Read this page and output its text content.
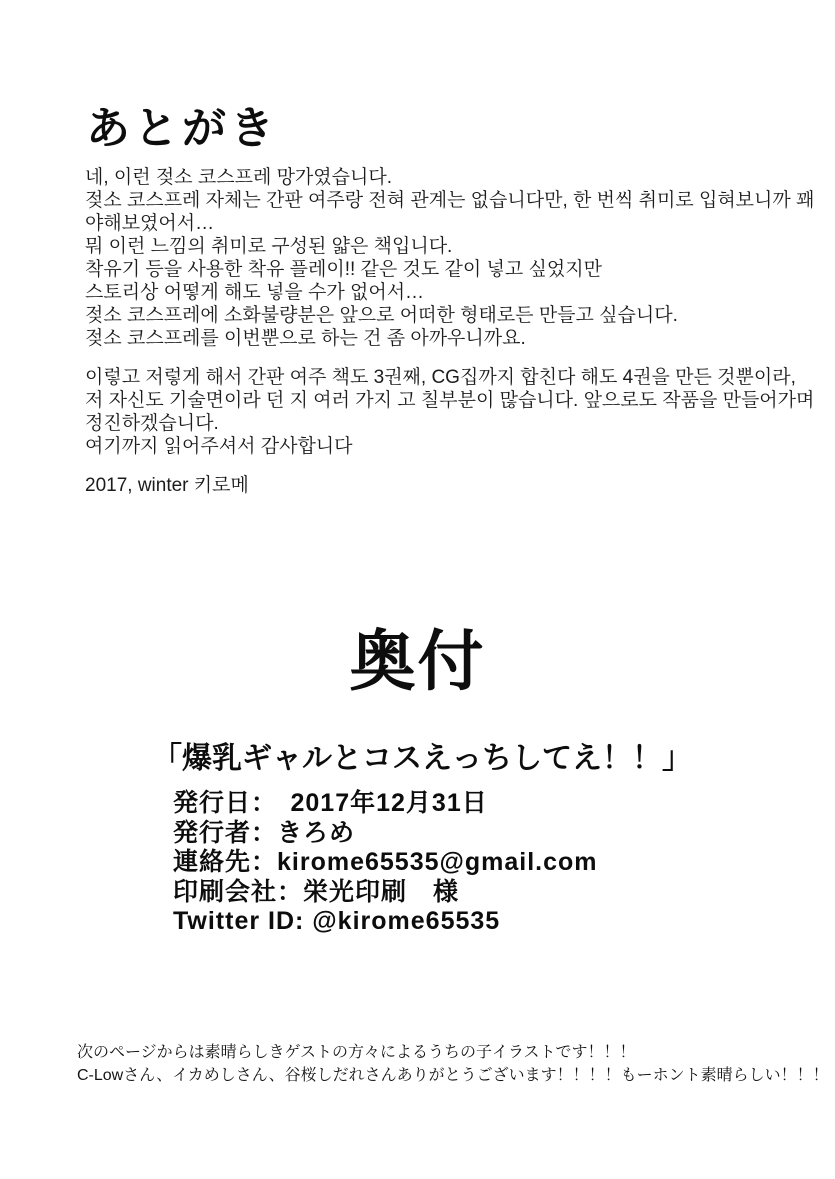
あとがき
네, 이런 젖소 코스프레 망가였습니다.
젖소 코스프레 자체는 간판 여주랑 전혀 관계는 없습니다만, 한 번씩 취미로 입혀보니까 꽤
야해보였어서…
뭐 이런 느낌의 취미로 구성된 얇은 책입니다.
착유기 등을 사용한 착유 플레이!! 같은 것도 같이 넣고 싶었지만
스토리상 어떻게 해도 넣을 수가 없어서…
젖소 코스프레에 소화불량분은 앞으로 어떠한 형태로든 만들고 싶습니다.
젖소 코스프레를 이번뿐으로 하는 건 좀 아까우니까요.
이렇고 저렇게 해서 간판 여주 책도 3권째, CG집까지 합친다 해도 4권을 만든 것뿐이라,
저 자신도 기술면이라 던 지 여러 가지 고 칠부분이 많습니다. 앞으로도 작품을 만들어가며
정진하겠습니다.
여기까지 읽어주셔서 감사합니다
2017, winter 키로메
奥付
「爆乳ギャルとコスえっちしてえ！！」
発行日：　2017年12月31日
発行者：きろめ
連絡先：kirome65535@gmail.com
印刷会社：栄光印刷　様
Twitter ID: @kirome65535
次のページからは素晴らしきゲストの方々によるうちの子イラストです！！！
C-Lowさん、イカめしさん、谷桜しだれさんありがとうございます！！！！もーホント素晴らしい！！！
